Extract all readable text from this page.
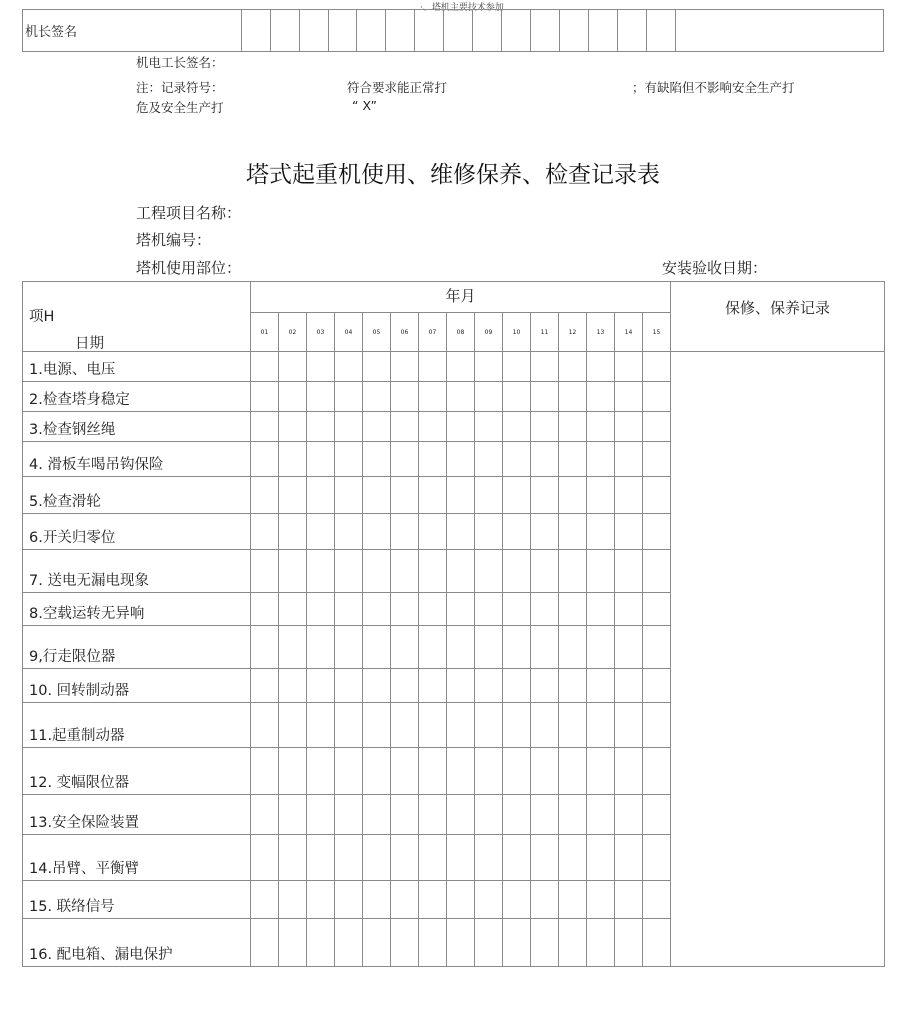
·、塔机主要技术参加
机长签名																
机电工长签名：
注：记录符号：	符合要求能正常打	；有缺陷但不影响安全生产打
危及安全生产打	“ X”
塔式起重机使用、维修保养、检查记录表
工程项目名称：
塔机编号：
塔机使用部位：	安装验收日期：
项H
日期	年月															保修、保养记录
	01	02	03	04	05	06	07	08	09	10	11	12	13	14	15	
1.电源、电压																
2.检查塔身稳定																
3.检查钢丝绳																
4. 滑板车喝吊钩保险																
5.检查滑轮																
6.开关归零位																
7. 送电无漏电现象																
8.空载运转无异响																
9,行走限位器																
10. 回转制动器																
11.起重制动器																
12. 变幅限位器																
13.安全保险装置																
14.吊臂、平衡臂																
15. 联络信号																
16. 配电箱、漏电保护																
